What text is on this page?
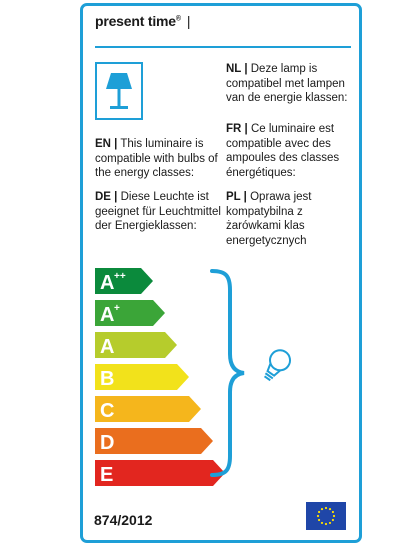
present time® |
NL | Deze lamp is compatibel met lampen van de energie klassen:
EN | This luminaire is compatible with bulbs of the energy classes:
FR | Ce luminaire est compatible avec des ampoules des classes énergétiques:
DE | Diese Leuchte ist geeignet für Leuchtmittel der Energieklassen:
PL | Oprawa jest kompatybilna z żarówkami klas energetycznych
A ++
A +
A
B
C
D
E
874/2012
